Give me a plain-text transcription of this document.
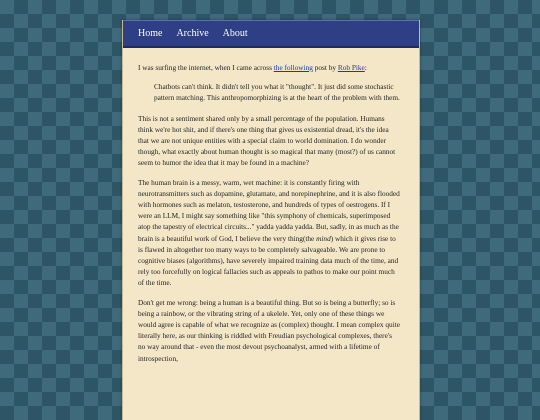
Home Archive About

I was surfing the internet, when I came across the following post by Rob Pike:

Chatbots can't think. It didn't tell you what it "thought". It just did some stochastic pattern matching. This anthropomorphizing is at the heart of the problem with them.

This is not a sentiment shared only by a small percentage of the population. Humans think we're hot shit, and if there's one thing that gives us existential dread, it's the idea that we are not unique entities with a special claim to world domination. I do wonder though, what exactly about human thought is so magical that many (most?) of us cannot seem to humor the idea that it may be found in a machine?

The human brain is a messy, warm, wet machine: it is constantly firing with neurotransmitters such as dopamine, glutamate, and norepinephrine, and it is also flooded with hormones such as melaton, testosterone, and hundreds of types of oestrogens. If I were an LLM, I might say something like "this symphony of chemicals, superimposed atop the tapestry of electrical circuits..." yadda yadda yadda. But, sadly, in as much as the brain is a beautiful work of God, I believe the very thing(the mind) which it gives rise to is flawed in altogether too many ways to be completely salvageable. We are prone to cognitive biases (algorithms), have severely impaired training data much of the time, and rely too forcefully on logical fallacies such as appeals to pathos to make our point much of the time.

Don't get me wrong: being a human is a beautiful thing. But so is being a butterfly; so is being a rainbow, or the vibrating string of a ukelele. Yet, only one of these things we would agree is capable of what we recognize as (complex) thought. I mean complex quite literally here, as our thinking is riddled with Freudian psychological complexes, there's no way around that - even the most devout psychoanalyst, armed with a lifetime of introspection,
